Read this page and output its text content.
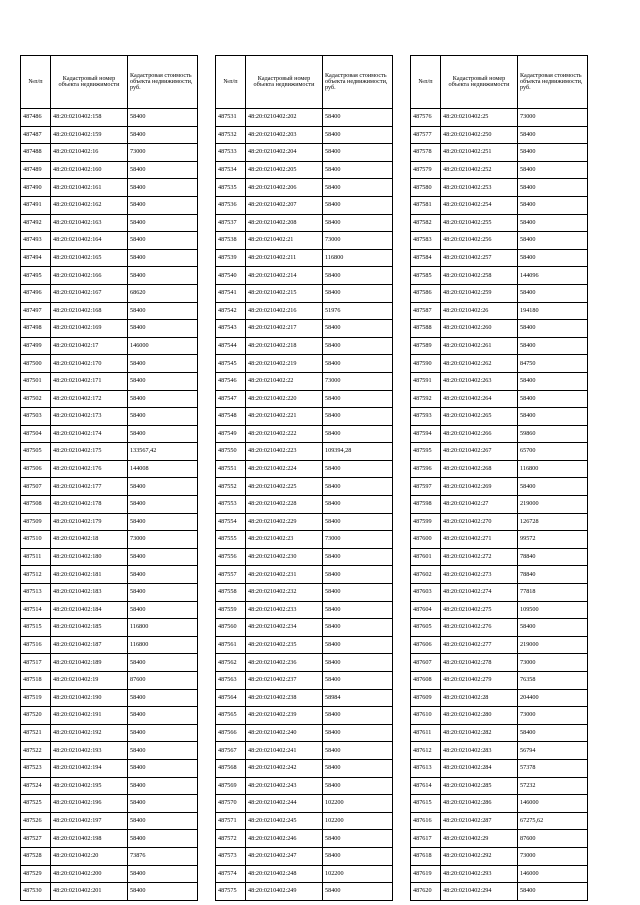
№п/п	Кадастровый номер объекта недвижимости	Кадастровая стоимость объекта недвижимости, руб.
487486	48:20:0210402:158	58400
487487	48:20:0210402:159	58400
487488	48:20:0210402:16	73000
487489	48:20:0210402:160	58400
487490	48:20:0210402:161	58400
487491	48:20:0210402:162	58400
487492	48:20:0210402:163	58400
487493	48:20:0210402:164	58400
487494	48:20:0210402:165	58400
487495	48:20:0210402:166	58400
487496	48:20:0210402:167	68620
487497	48:20:0210402:168	58400
487498	48:20:0210402:169	58400
487499	48:20:0210402:17	146000
487500	48:20:0210402:170	58400
487501	48:20:0210402:171	58400
487502	48:20:0210402:172	58400
487503	48:20:0210402:173	58400
487504	48:20:0210402:174	58400
487505	48:20:0210402:175	133567,42
487506	48:20:0210402:176	144008
487507	48:20:0210402:177	58400
487508	48:20:0210402:178	58400
487509	48:20:0210402:179	58400
487510	48:20:0210402:18	73000
487511	48:20:0210402:180	58400
487512	48:20:0210402:181	58400
487513	48:20:0210402:183	58400
487514	48:20:0210402:184	58400
487515	48:20:0210402:185	116800
487516	48:20:0210402:187	116800
487517	48:20:0210402:189	58400
487518	48:20:0210402:19	87600
487519	48:20:0210402:190	58400
487520	48:20:0210402:191	58400
487521	48:20:0210402:192	58400
487522	48:20:0210402:193	58400
487523	48:20:0210402:194	58400
487524	48:20:0210402:195	58400
487525	48:20:0210402:196	58400
487526	48:20:0210402:197	58400
487527	48:20:0210402:198	58400
487528	48:20:0210402:20	73876
487529	48:20:0210402:200	58400
487530	48:20:0210402:201	58400
№п/п	Кадастровый номер объекта недвижимости	Кадастровая стоимость объекта недвижимости, руб.
487531	48:20:0210402:202	58400
487532	48:20:0210402:203	58400
487533	48:20:0210402:204	58400
487534	48:20:0210402:205	58400
487535	48:20:0210402:206	58400
487536	48:20:0210402:207	58400
487537	48:20:0210402:208	58400
487538	48:20:0210402:21	73000
487539	48:20:0210402:211	116800
487540	48:20:0210402:214	58400
487541	48:20:0210402:215	58400
487542	48:20:0210402:216	51976
487543	48:20:0210402:217	58400
487544	48:20:0210402:218	58400
487545	48:20:0210402:219	58400
487546	48:20:0210402:22	73000
487547	48:20:0210402:220	58400
487548	48:20:0210402:221	58400
487549	48:20:0210402:222	58400
487550	48:20:0210402:223	109394,28
487551	48:20:0210402:224	58400
487552	48:20:0210402:225	58400
487553	48:20:0210402:228	58400
487554	48:20:0210402:229	58400
487555	48:20:0210402:23	73000
487556	48:20:0210402:230	58400
487557	48:20:0210402:231	58400
487558	48:20:0210402:232	58400
487559	48:20:0210402:233	58400
487560	48:20:0210402:234	58400
487561	48:20:0210402:235	58400
487562	48:20:0210402:236	58400
487563	48:20:0210402:237	58400
487564	48:20:0210402:238	58984
487565	48:20:0210402:239	58400
487566	48:20:0210402:240	58400
487567	48:20:0210402:241	58400
487568	48:20:0210402:242	58400
487569	48:20:0210402:243	58400
487570	48:20:0210402:244	102200
487571	48:20:0210402:245	102200
487572	48:20:0210402:246	58400
487573	48:20:0210402:247	58400
487574	48:20:0210402:248	102200
487575	48:20:0210402:249	58400
№п/п	Кадастровый номер объекта недвижимости	Кадастровая стоимость объекта недвижимости, руб.
487576	48:20:0210402:25	73000
487577	48:20:0210402:250	58400
487578	48:20:0210402:251	58400
487579	48:20:0210402:252	58400
487580	48:20:0210402:253	58400
487581	48:20:0210402:254	58400
487582	48:20:0210402:255	58400
487583	48:20:0210402:256	58400
487584	48:20:0210402:257	58400
487585	48:20:0210402:258	144096
487586	48:20:0210402:259	58400
487587	48:20:0210402:26	194180
487588	48:20:0210402:260	58400
487589	48:20:0210402:261	58400
487590	48:20:0210402:262	84750
487591	48:20:0210402:263	58400
487592	48:20:0210402:264	58400
487593	48:20:0210402:265	58400
487594	48:20:0210402:266	59860
487595	48:20:0210402:267	65700
487596	48:20:0210402:268	116800
487597	48:20:0210402:269	58400
487598	48:20:0210402:27	219000
487599	48:20:0210402:270	126728
487600	48:20:0210402:271	99572
487601	48:20:0210402:272	78840
487602	48:20:0210402:273	78840
487603	48:20:0210402:274	77818
487604	48:20:0210402:275	109500
487605	48:20:0210402:276	58400
487606	48:20:0210402:277	219000
487607	48:20:0210402:278	73000
487608	48:20:0210402:279	76358
487609	48:20:0210402:28	204400
487610	48:20:0210402:280	73000
487611	48:20:0210402:282	58400
487612	48:20:0210402:283	56794
487613	48:20:0210402:284	57378
487614	48:20:0210402:285	57232
487615	48:20:0210402:286	146000
487616	48:20:0210402:287	67275,62
487617	48:20:0210402:29	87600
487618	48:20:0210402:292	73000
487619	48:20:0210402:293	146000
487620	48:20:0210402:294	58400
